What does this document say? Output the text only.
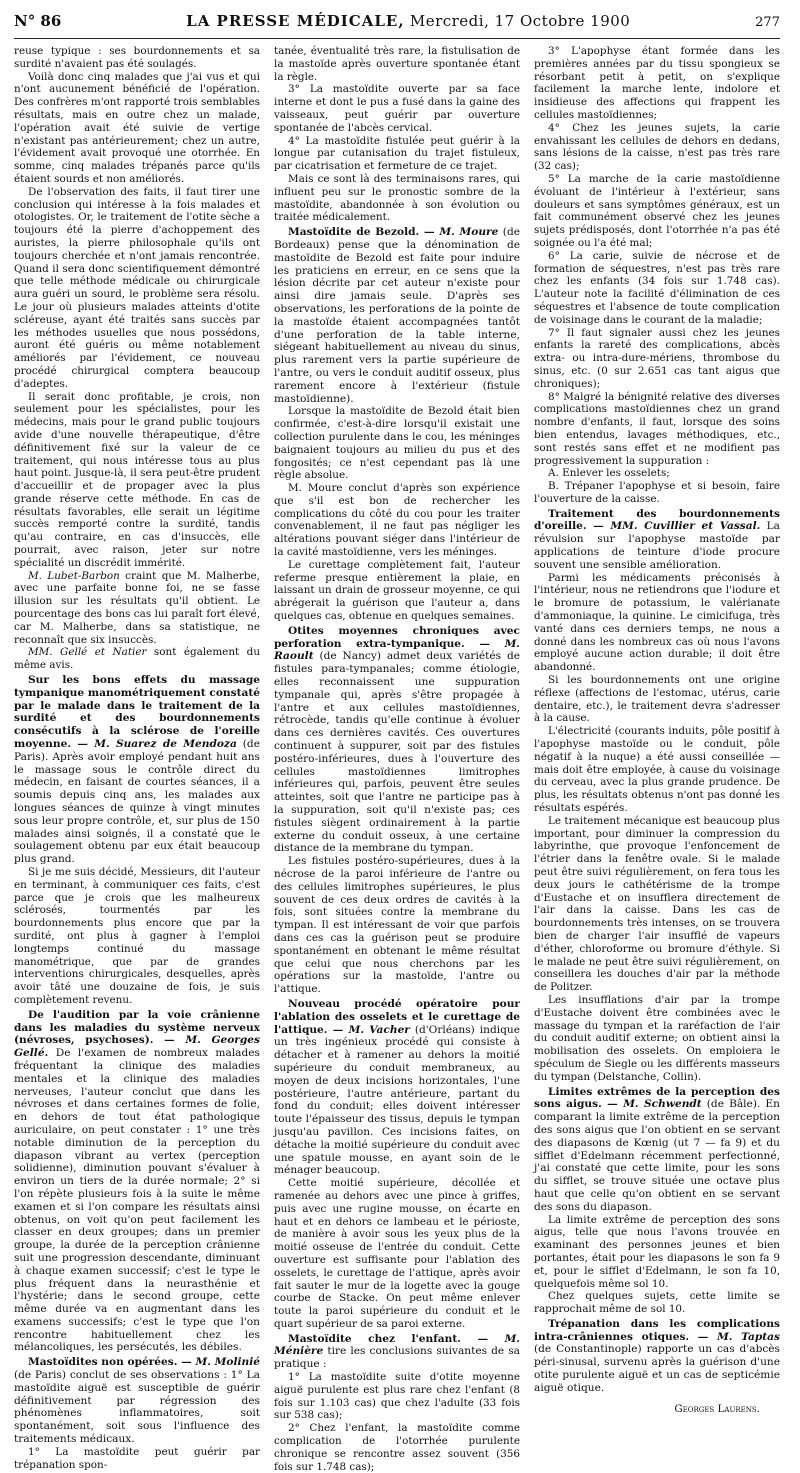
N° 86	LA PRESSE MÉDICALE, Mercredi, 17 Octobre 1900	277

reuse typique : ses bourdonnements et sa surdité n'avaient pas été soulagés.

Voilà donc cinq malades que j'ai vus et qui n'ont aucunement bénéficié de l'opération. Des confrères m'ont rapporté trois semblables résultats, mais en outre chez un malade, l'opération avait été suivie de vertige n'existant pas antérieurement; chez un autre, l'évidement avait provoqué une otorrhée. En somme, cinq malades trépanés parce qu'ils étaient sourds et non améliorés.

De l'observation des faits, il faut tirer une conclusion qui intéresse à la fois malades et otologistes. Or, le traitement de l'otite sèche a toujours été la pierre d'achoppement des auristes, la pierre philosophale qu'ils ont toujours cherchée et n'ont jamais rencontrée. Quand il sera donc scientifiquement démontré que telle méthode médicale ou chirurgicale aura guéri un sourd, le problème sera résolu. Le jour où plusieurs malades atteints d'otite scléreuse, ayant été traités sans succès par les méthodes usuelles que nous possédons, auront été guéris ou même notablement améliorés par l'évidement, ce nouveau procédé chirurgical comptera beaucoup d'adeptes.

Il serait donc profitable, je crois, non seulement pour les spécialistes, pour les médecins, mais pour le grand public toujours avide d'une nouvelle thérapeutique, d'être définitivement fixé sur la valeur de ce traitement, qui nous intéresse tous au plus haut point. Jusque-là, il sera peut-être prudent d'accueillir et de propager avec la plus grande réserve cette méthode. En cas de résultats favorables, elle serait un légitime succès remporté contre la surdité, tandis qu'au contraire, en cas d'insuccès, elle pourrait, avec raison, jeter sur notre spécialité un discrédit immérité.

M. Lubet-Barbon craint que M. Malherbe, avec une parfaite bonne foi, ne se fasse illusion sur les résultats qu'il obtient. Le pourcentage des bons cas lui paraît fort élevé, car M. Malherbe, dans sa statistique, ne reconnaît que six insuccès.

MM. Gellé et Natier sont également du même avis.

Sur les bons effets du massage tympanique manométriquement constaté par le malade dans le traitement de la surdité et des bourdonnements consécutifs à la sclérose de l'oreille moyenne. — M. Suarez de Mendoza (de Paris). Après avoir employé pendant huit ans le massage sous le contrôle direct du médecin, en faisant de courtes séances, il a soumis depuis cinq ans, les malades aux longues séances de quinze à vingt minutes sous leur propre contrôle, et, sur plus de 150 malades ainsi soignés, il a constaté que le soulagement obtenu par eux était beaucoup plus grand.

Si je me suis décidé, Messieurs, dit l'auteur en terminant, à communiquer ces faits, c'est parce que je crois que les malheureux sclérosés, tourmentés par les bourdonnements plus encore que par la surdité, ont plus à gagner à l'emploi longtemps continué du massage manométrique, que par de grandes interventions chirurgicales, desquelles, après avoir tâté une douzaine de fois, je suis complètement revenu.

De l'audition par la voie crânienne dans les maladies du système nerveux (névroses, psychoses). — M. Georges Gellé. De l'examen de nombreux malades fréquentant la clinique des maladies mentales et la clinique des maladies nerveuses, l'auteur conclut que dans les névroses et dans certaines formes de folie, en dehors de tout état pathologique auriculaire, on peut constater : 1° une très notable diminution de la perception du diapason vibrant au vertex (perception solidienne), diminution pouvant s'évaluer à environ un tiers de la durée normale; 2° si l'on répète plusieurs fois à la suite le même examen et si l'on compare les résultats ainsi obtenus, on voit qu'on peut facilement les classer en deux groupes; dans un premier groupe, la durée de la perception crânienne suit une progression descendante, diminuant à chaque examen successif; c'est le type le plus fréquent dans la neurasthénie et l'hystérie; dans le second groupe, cette même durée va en augmentant dans les examens successifs; c'est le type que l'on rencontre habituellement chez les mélancoliques, les persécutés, les débiles.
Mastoïdites non opérées. — M. Molinié (de Paris) conclut de ses observations : 1° La mastoïdite aiguë est susceptible de guérir définitivement par régression des phénomènes inflammatoires, soit spontanément, soit sous l'influence des traitements médicaux.

1° La mastoïdite peut guérir par trépanation spon-

tanée, éventualité très rare, la fistulisation de la mastoïde après ouverture spontanée étant la règle.

3° La mastoïdite ouverte par sa face interne et dont le pus a fusé dans la gaine des vaisseaux, peut guérir par ouverture spontanée de l'abcès cervical.

4° La mastoïdite fistulée peut guérir à la longue par cutanisation du trajet fistuleux, par cicatrisation et fermeture de ce trajet.

Mais ce sont là des terminaisons rares, qui influent peu sur le pronostic sombre de la mastoïdite, abandonnée à son évolution ou traitée médicalement.

Mastoïdite de Bezold. — M. Moure (de Bordeaux) pense que la dénomination de mastoïdite de Bezold est faite pour induire les praticiens en erreur, en ce sens que la lésion décrite par cet auteur n'existe pour ainsi dire jamais seule. D'après ses observations, les perforations de la pointe de la mastoïde étaient accompagnées tantôt d'une perforation de la table interne, siégeant habituellement au niveau du sinus, plus rarement vers la partie supérieure de l'antre, ou vers le conduit auditif osseux, plus rarement encore à l'extérieur (fistule mastoïdienne).

Lorsque la mastoïdite de Bezold était bien confirmée, c'est-à-dire lorsqu'il existait une collection purulente dans le cou, les méninges baignaient toujours au milieu du pus et des fongosités; ce n'est cependant pas là une règle absolue.

M. Moure conclut d'après son expérience que s'il est bon de rechercher les complications du côté du cou pour les traiter convenablement, il ne faut pas négliger les altérations pouvant siéger dans l'intérieur de la cavité mastoïdienne, vers les méninges.

Le curettage complètement fait, l'auteur referme presque entièrement la plaie, en laissant un drain de grosseur moyenne, ce qui abrégerait la guérison que l'auteur a, dans quelques cas, obtenue en quelques semaines.

Otites moyennes chroniques avec perforation extra-tympanique. — M. Raoult (de Nancy) admet deux variétés de fistules para-tympanales; comme étiologie, elles reconnaissent une suppuration tympanale qui, après s'être propagée à l'antre et aux cellules mastoïdiennes, rétrocède, tandis qu'elle continue à évoluer dans ces dernières cavités. Ces ouvertures continuent à suppurer, soit par des fistules postéro-inférieures, dues à l'ouverture des cellules mastoïdiennes limitrophes inférieures qui, parfois, peuvent être seules atteintes, soit que l'antre ne participe pas à la suppuration, soit qu'il n'existe pas; ces fistules siègent ordinairement à la partie externe du conduit osseux, à une certaine distance de la membrane du tympan.

Les fistules postéro-supérieures, dues à la nécrose de la paroi inférieure de l'antre ou des cellules limitrophes supérieures, le plus souvent de ces deux ordres de cavités à la fois, sont situées contre la membrane du tympan. Il est intéressant de voir que parfois dans ces cas la guérison peut se produire spontanément en obtenant le même résultat que celui que nous cherchons par les opérations sur la mastoïde, l'antre ou l'attique.

Nouveau procédé opératoire pour l'ablation des osselets et le curettage de l'attique. — M. Vacher (d'Orléans) indique un très ingénieux procédé qui consiste à détacher et à ramener au dehors la moitié supérieure du conduit membraneux, au moyen de deux incisions horizontales, l'une postérieure, l'autre antérieure, partant du fond du conduit; elles doivent intéresser toute l'épaisseur des tissus, depuis le tympan jusqu'au pavillon. Ces incisions faites, on détache la moitié supérieure du conduit avec une spatule mousse, en ayant soin de le ménager beaucoup.

Cette moitié supérieure, décollée et ramenée au dehors avec une pince à griffes, puis avec une rugine mousse, on écarte en haut et en dehors ce lambeau et le périoste, de manière à avoir sous les yeux plus de la moitié osseuse de l'entrée du conduit. Cette ouverture est suffisante pour l'ablation des osselets, le curettage de l'attique, après avoir fait sauter le mur de la logette avec la gouge courbe de Stacke. On peut même enlever toute la paroi supérieure du conduit et le quart supérieur de sa paroi externe.

Mastoïdite chez l'enfant. — M. Ménière tire les conclusions suivantes de sa pratique :

1° La mastoïdite suite d'otite moyenne aiguë purulente est plus rare chez l'enfant (8 fois sur 1.103 cas) que chez l'adulte (33 fois sur 538 cas);

2° Chez l'enfant, la mastoïdite comme complication de l'otorrhée purulente chronique se rencontre assez souvent (356 fois sur 1.748 cas);

3° L'apophyse étant formée dans les premières années par du tissu spongieux se résorbant petit à petit, on s'explique facilement la marche lente, indolore et insidieuse des affections qui frappent les cellules mastoïdiennes;

4° Chez les jeunes sujets, la carie envahissant les cellules de dehors en dedans, sans lésions de la caisse, n'est pas très rare (32 cas);

5° La marche de la carie mastoïdienne évoluant de l'intérieur à l'extérieur, sans douleurs et sans symptômes généraux, est un fait communément observé chez les jeunes sujets prédisposés, dont l'otorrhée n'a pas été soignée ou l'a été mal;

6° La carie, suivie de nécrose et de formation de séquestres, n'est pas très rare chez les enfants (34 fois sur 1.748 cas). L'auteur note la facilité d'élimination de ces séquestres et l'absence de toute complication de voisinage dans le courant de la maladie;

7° Il faut signaler aussi chez les jeunes enfants la rareté des complications, abcès extra- ou intra-dure-mériens, thrombose du sinus, etc. (0 sur 2.651 cas tant aigus que chroniques);

8° Malgré la bénignité relative des diverses complications mastoïdiennes chez un grand nombre d'enfants, il faut, lorsque des soins bien entendus, lavages méthodiques, etc., sont restés sans effet et ne modifient pas progressivement la suppuration :

A. Enlever les osselets;

B. Trépaner l'apophyse et si besoin, faire l'ouverture de la caisse.

Traitement des bourdonnements d'oreille. — MM. Cuvillier et Vassal. La révulsion sur l'apophyse mastoïde par applications de teinture d'iode procure souvent une sensible amélioration.

Parmi les médicaments préconisés à l'intérieur, nous ne retiendrons que l'iodure et le bromure de potassium, le valérianate d'ammoniaque, la quinine. Le cimicifuga, très vanté dans ces derniers temps, ne nous a donné dans les nombreux cas où nous l'avons employé aucune action durable; il doit être abandonné.

Si les bourdonnements ont une origine réflexe (affections de l'estomac, utérus, carie dentaire, etc.), le traitement devra s'adresser à la cause.

L'électricité (courants induits, pôle positif à l'apophyse mastoïde ou le conduit, pôle négatif à la nuque) a été aussi conseillée — mais doit être employée, à cause du voisinage du cerveau, avec la plus grande prudence. De plus, les résultats obtenus n'ont pas donné les résultats espérés.

Le traitement mécanique est beaucoup plus important, pour diminuer la compression du labyrinthe, que provoque l'enfoncement de l'étrier dans la fenêtre ovale. Si le malade peut être suivi régulièrement, on fera tous les deux jours le cathétérisme de la trompe d'Eustache et on insufflera directement de l'air dans la caisse. Dans les cas de bourdonnements très intenses, on se trouvera bien de charger l'air insufflé de vapeurs d'éther, chloroforme ou bromure d'éthyle. Si le malade ne peut être suivi régulièrement, on conseillera les douches d'air par la méthode de Politzer.

Les insufflations d'air par la trompe d'Eustache doivent être combinées avec le massage du tympan et la raréfaction de l'air du conduit auditif externe; on obtient ainsi la mobilisation des osselets. On emploiera le spéculum de Siegle ou les différents masseurs du tympan (Delstanche, Collin).

Limites extrêmes de la perception des sons aigus. — M. Schwendt (de Bâle). En comparant la limite extrême de la perception des sons aigus que l'on obtient en se servant des diapasons de Kœnig (ut 7 — fa 9) et du sifflet d'Edelmann récemment perfectionné, j'ai constaté que cette limite, pour les sons du sifflet, se trouve située une octave plus haut que celle qu'on obtient en se servant des sons du diapason.

La limite extrême de perception des sons aigus, telle que nous l'avons trouvée en examinant des personnes jeunes et bien portantes, était pour les diapasons le son fa 9 et, pour le sifflet d'Edelmann, le son fa 10, quelquefois même sol 10.

Chez quelques sujets, cette limite se rapprochait même de sol 10.

Trépanation dans les complications intra-crâniennes otiques. — M. Taptas (de Constantinople) rapporte un cas d'abcès péri-sinusal, survenu après la guérison d'une otite purulente aiguë et un cas de septicémie aiguë otique.
Georges Laurens.
